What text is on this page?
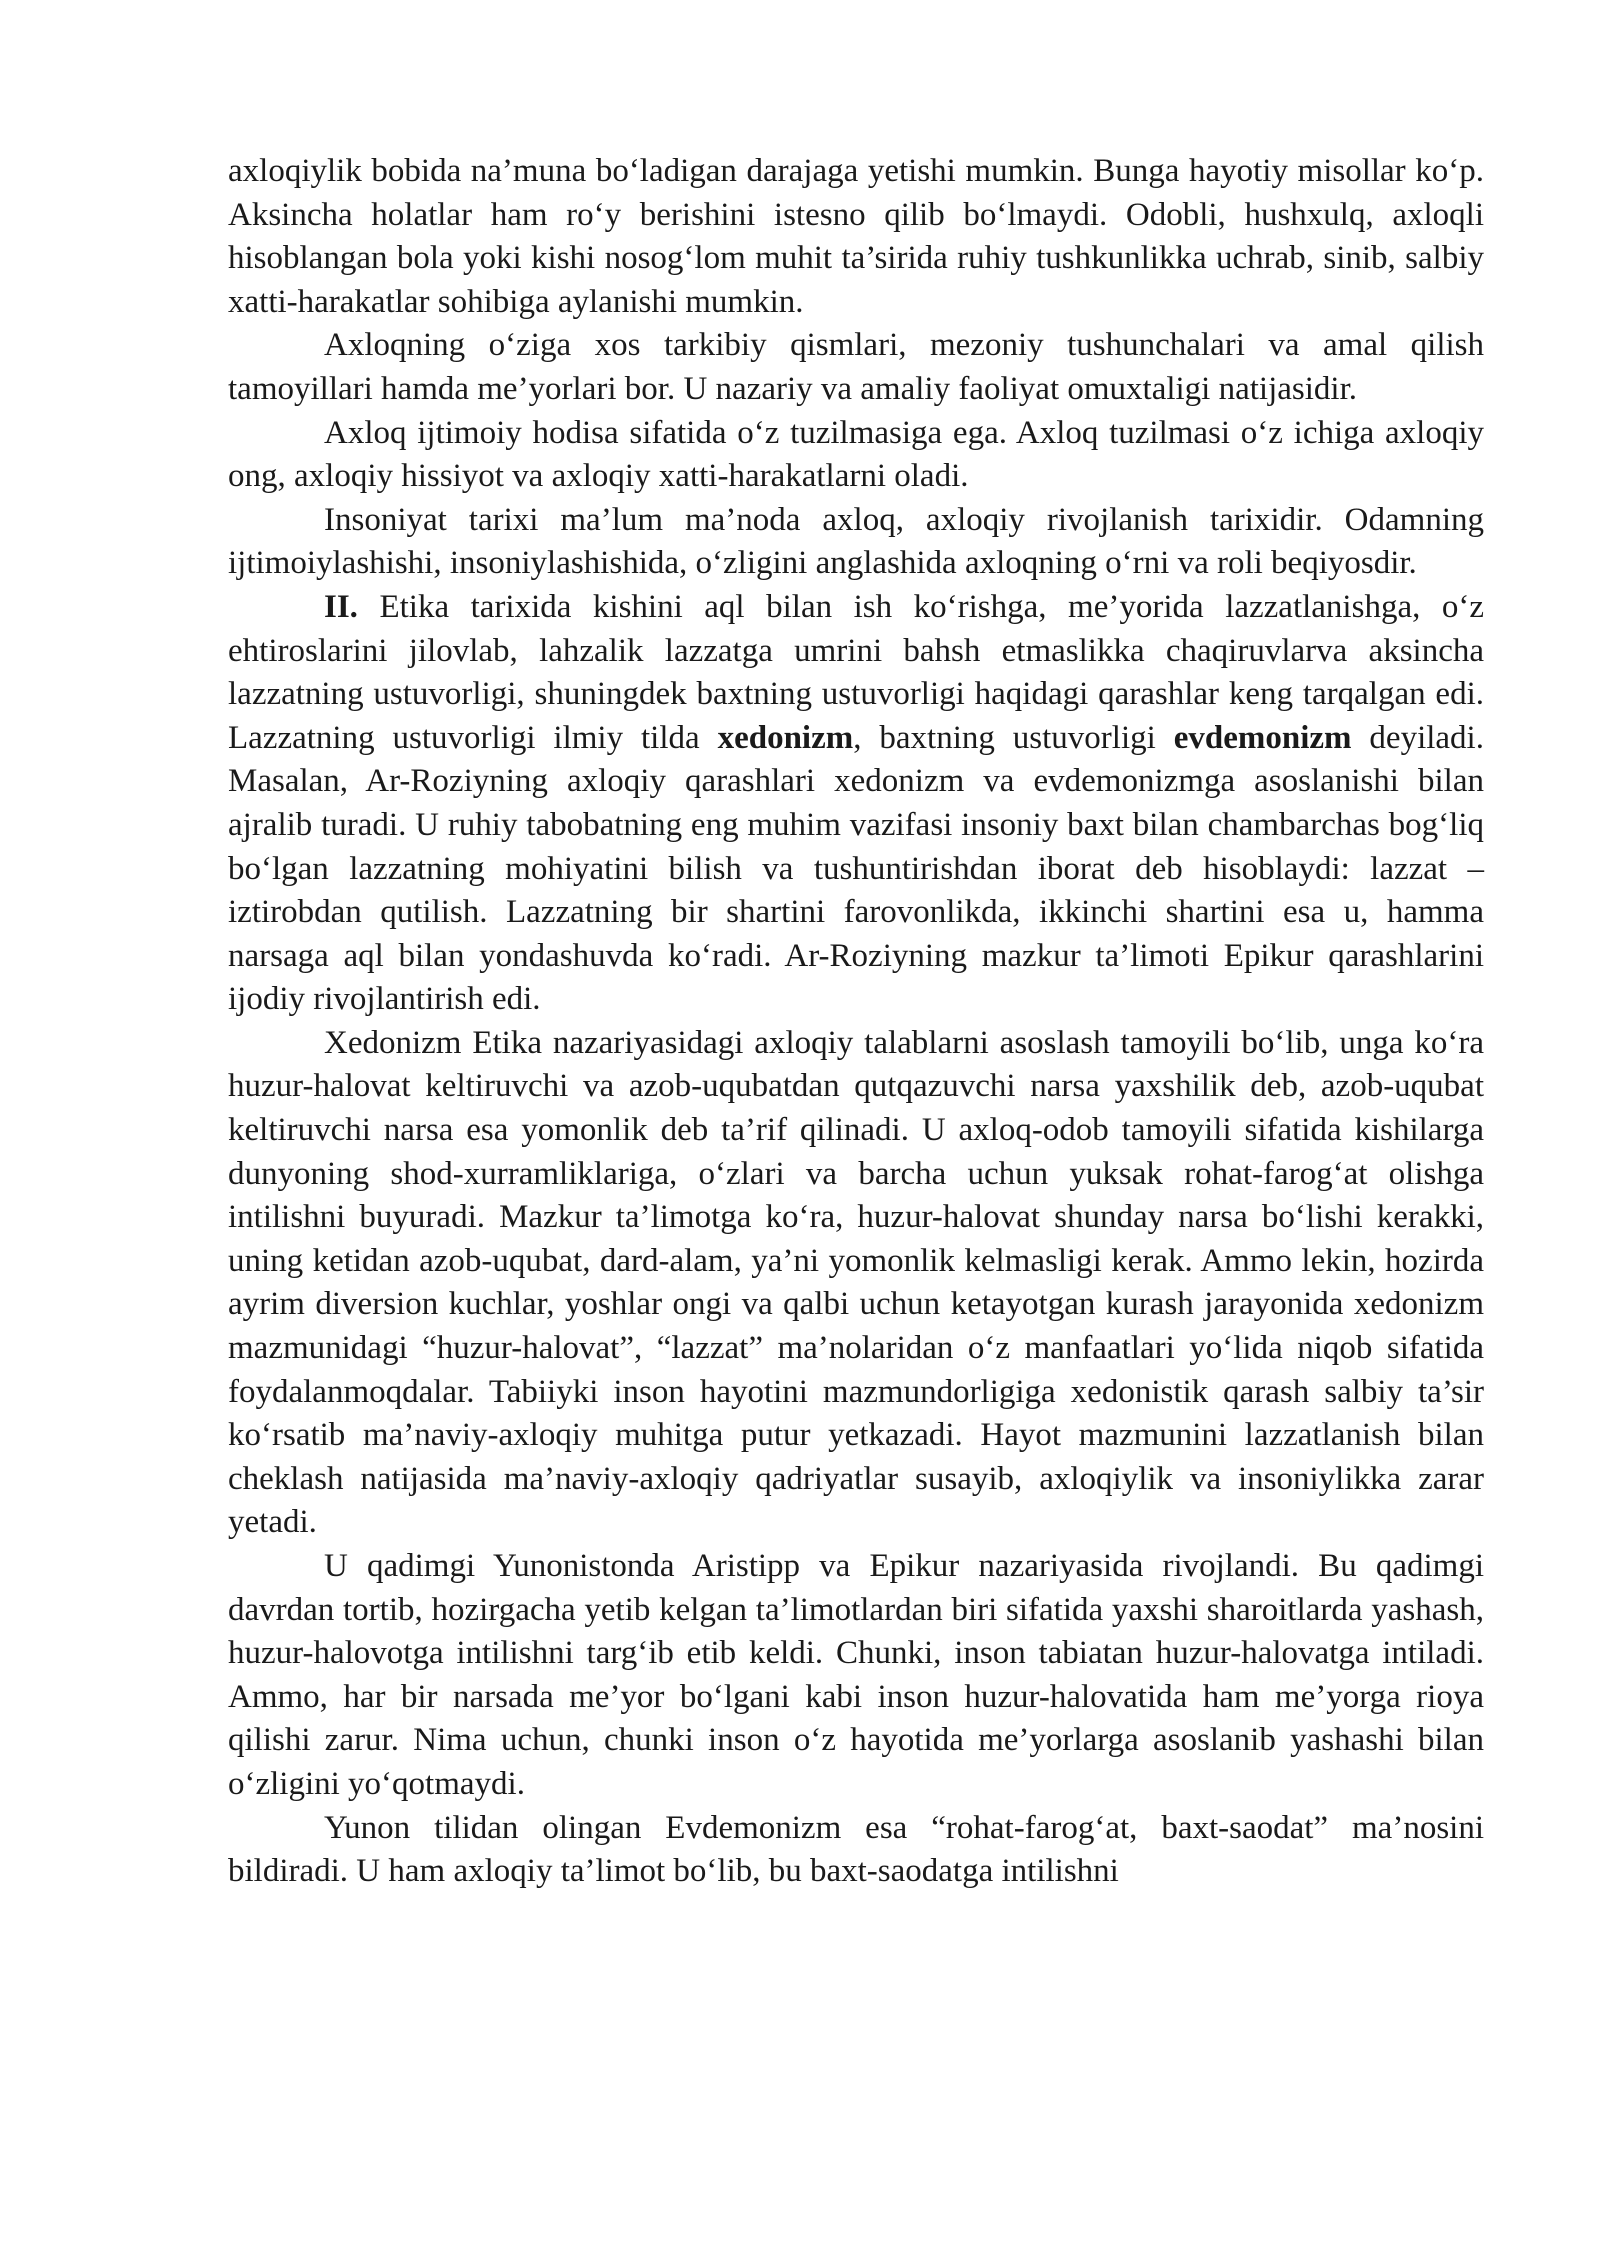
axloqiylik bobida na’muna bo‘ladigan darajaga yetishi mumkin. Bunga hayotiy misollar ko‘p. Aksincha holatlar ham ro‘y berishini istesno qilib bo‘lmaydi. Odobli, hushxulq, axloqli hisoblangan bola yoki kishi nosog‘lom muhit ta’sirida ruhiy tushkunlikka uchrab, sinib, salbiy xatti-harakatlar sohibiga aylanishi mumkin.

Axloqning o‘ziga xos tarkibiy qismlari, mezoniy tushunchalari va amal qilish tamoyillari hamda me’yorlari bor. U nazariy va amaliy faoliyat omuxtaligi natijasidir.

Axloq ijtimoiy hodisa sifatida o‘z tuzilmasiga ega. Axloq tuzilmasi o‘z ichiga axloqiy ong, axloqiy hissiyot va axloqiy xatti-harakatlarni oladi.

Insoniyat tarixi ma’lum ma’noda axloq, axloqiy rivojlanish tarixidir. Odamning ijtimoiylashishi, insoniylashishida, o‘zligini anglashida axloqning o‘rni va roli beqiyosdir.

II. Etika tarixida kishini aql bilan ish ko‘rishga, me’yorida lazzatlanishga, o‘z ehtiroslarini jilovlab, lahzalik lazzatga umrini bahsh etmaslikka chaqiruvlarva aksincha lazzatning ustuvorligi, shuningdek baxtning ustuvorligi haqidagi qarashlar keng tarqalgan edi. Lazzatning ustuvorligi ilmiy tilda xedonizm, baxtning ustuvorligi evdemonizm deyiladi. Masalan, Ar-Roziyning axloqiy qarashlari xedonizm va evdemonizmga asoslanishi bilan ajralib turadi. U ruhiy tabobatning eng muhim vazifasi insoniy baxt bilan chambarchas bog‘liq bo‘lgan lazzatning mohiyatini bilish va tushuntirishdan iborat deb hisoblaydi: lazzat – iztirobdan qutilish. Lazzatning bir shartini farovonlikda, ikkinchi shartini esa u, hamma narsaga aql bilan yondashuvda ko‘radi. Ar-Roziyning mazkur ta’limoti Epikur qarashlarini ijodiy rivojlantirish edi.

Xedonizm Etika nazariyasidagi axloqiy talablarni asoslash tamoyili bo‘lib, unga ko‘ra huzur-halovat keltiruvchi va azob-uqubatdan qutqazuvchi narsa yaxshilik deb, azob-uqubat keltiruvchi narsa esa yomonlik deb ta’rif qilinadi. U axloq-odob tamoyili sifatida kishilarga dunyoning shod-xurramliklariga, o‘zlari va barcha uchun yuksak rohat-farog‘at olishga intilishni buyuradi. Mazkur ta’limotga ko‘ra, huzur-halovat shunday narsa bo‘lishi kerakki, uning ketidan azob-uqubat, dard-alam, ya’ni yomonlik kelmasligi kerak. Ammo lekin, hozirda ayrim diversion kuchlar, yoshlar ongi va qalbi uchun ketayotgan kurash jarayonida xedonizm mazmunidagi “huzur-halovat”, “lazzat” ma’nolaridan o‘z manfaatlari yo‘lida niqob sifatida foydalanmoqdalar. Tabiiyki inson hayotini mazmundorligiga xedonistik qarash salbiy ta’sir ko‘rsatib ma’naviy-axloqiy muhitga putur yetkazadi. Hayot mazmunini lazzatlanish bilan cheklash natijasida ma’naviy-axloqiy qadriyatlar susayib, axloqiylik va insoniylikka zarar yetadi.

U qadimgi Yunonistonda Aristipp va Epikur nazariyasida rivojlandi. Bu qadimgi davrdan tortib, hozirgacha yetib kelgan ta’limotlardan biri sifatida yaxshi sharoitlarda yashash, huzur-halovotga intilishni targ‘ib etib keldi. Chunki, inson tabiatan huzur-halovatga intiladi. Ammo, har bir narsada me’yor bo‘lgani kabi inson huzur-halovatida ham me’yorga rioya qilishi zarur. Nima uchun, chunki inson o‘z hayotida me’yorlarga asoslanib yashashi bilan o‘zligini yo‘qotmaydi.

Yunon tilidan olingan Evdemonizm esa “rohat-farog‘at, baxt-saodat” ma’nosini bildiradi. U ham axloqiy ta’limot bo‘lib, bu baxt-saodatga intilishni
